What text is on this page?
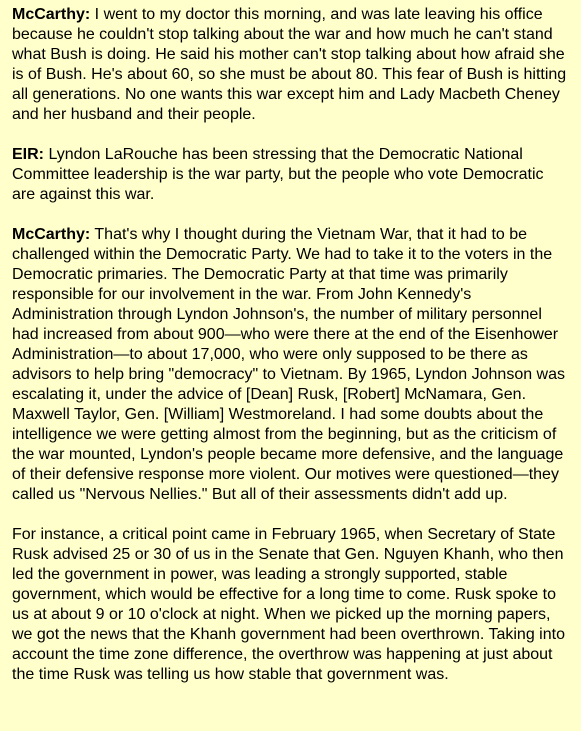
McCarthy: I went to my doctor this morning, and was late leaving his office because he couldn't stop talking about the war and how much he can't stand what Bush is doing. He said his mother can't stop talking about how afraid she is of Bush. He's about 60, so she must be about 80. This fear of Bush is hitting all generations. No one wants this war except him and Lady Macbeth Cheney and her husband and their people.

EIR: Lyndon LaRouche has been stressing that the Democratic National Committee leadership is the war party, but the people who vote Democratic are against this war.

McCarthy: That's why I thought during the Vietnam War, that it had to be challenged within the Democratic Party. We had to take it to the voters in the Democratic primaries. The Democratic Party at that time was primarily responsible for our involvement in the war. From John Kennedy's Administration through Lyndon Johnson's, the number of military personnel had increased from about 900—who were there at the end of the Eisenhower Administration—to about 17,000, who were only supposed to be there as advisors to help bring "democracy" to Vietnam. By 1965, Lyndon Johnson was escalating it, under the advice of [Dean] Rusk, [Robert] McNamara, Gen. Maxwell Taylor, Gen. [William] Westmoreland. I had some doubts about the intelligence we were getting almost from the beginning, but as the criticism of the war mounted, Lyndon's people became more defensive, and the language of their defensive response more violent. Our motives were questioned—they called us "Nervous Nellies." But all of their assessments didn't add up.

For instance, a critical point came in February 1965, when Secretary of State Rusk advised 25 or 30 of us in the Senate that Gen. Nguyen Khanh, who then led the government in power, was leading a strongly supported, stable government, which would be effective for a long time to come. Rusk spoke to us at about 9 or 10 o'clock at night. When we picked up the morning papers, we got the news that the Khanh government had been overthrown. Taking into account the time zone difference, the overthrow was happening at just about the time Rusk was telling us how stable that government was.
